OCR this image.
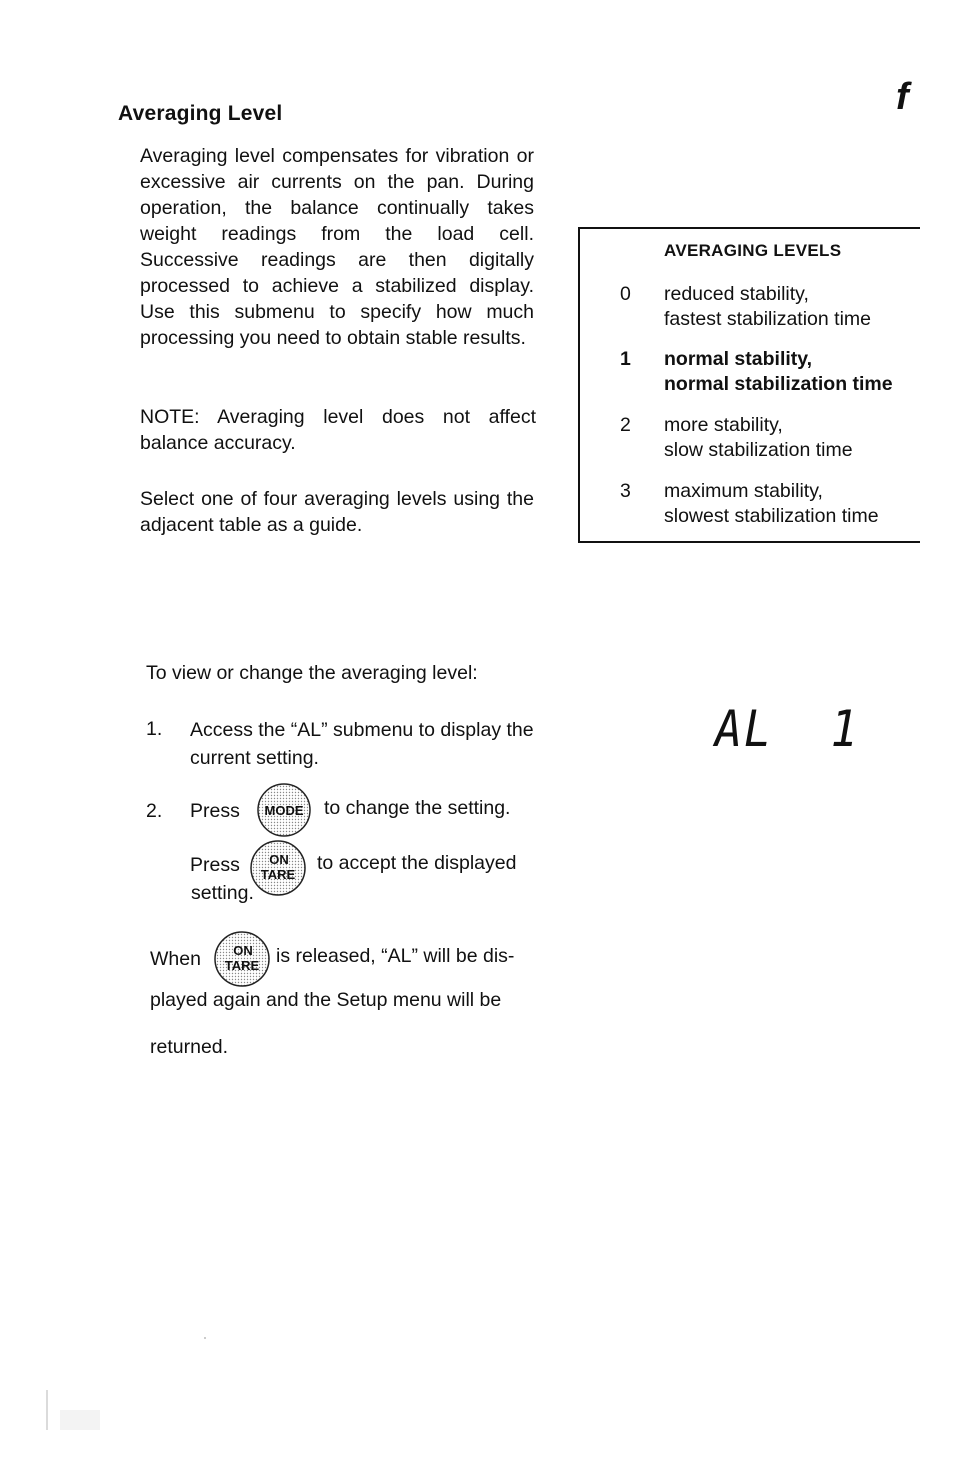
Averaging Level	f
Averaging level compensates for vibration or excessive air currents on the pan. During operation, the balance continually takes weight readings from the load cell. Successive readings are then digitally processed to achieve a stabilized display. Use this submenu to specify how much processing you need to obtain stable results.
NOTE: Averaging level does not affect balance accuracy.
Select one of four averaging levels using the adjacent table as a guide.
AVERAGING LEVELS
0	reduced stability,
fastest stabilization time
1	normal stability,
normal stabilization time
2	more stability,
slow stabilization time
3	maximum stability,
slowest stabilization time
To view or change the averaging level:
1. Access the “AL” submenu to display the current setting.
2. Press MODE to change the setting.
Press ON
TARE
to accept the displayed
setting.
When ON
TARE is released, “AL” will be dis-
played again and the Setup menu will be
returned.
AL  1
